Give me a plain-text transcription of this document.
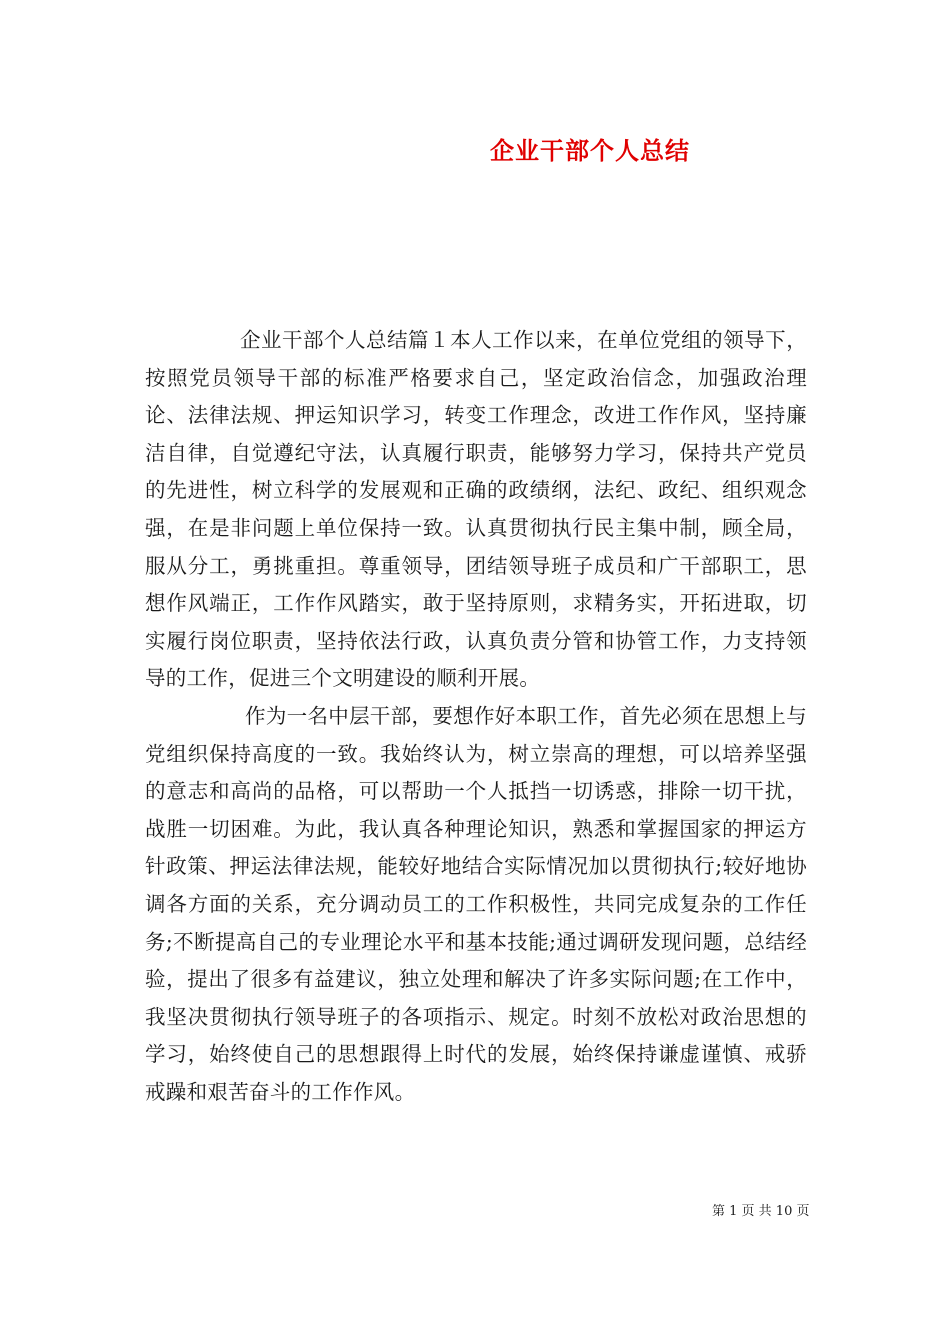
企业干部个人总结

企业干部个人总结篇１本人工作以来，在单位党组的领导下，按照党员领导干部的标准严格要求自己，坚定政治信念，加强政治理论、法律法规、押运知识学习，转变工作理念，改进工作作风，坚持廉洁自律，自觉遵纪守法，认真履行职责，能够努力学习，保持共产党员的先进性，树立科学的发展观和正确的政绩纲，法纪、政纪、组织观念强，在是非问题上单位保持一致。认真贯彻执行民主集中制，顾全局，服从分工，勇挑重担。尊重领导，团结领导班子成员和广干部职工，思想作风端正，工作作风踏实，敢于坚持原则，求精务实，开拓进取，切实履行岗位职责，坚持依法行政，认真负责分管和协管工作，力支持领导的工作，促进三个文明建设的顺利开展。

作为一名中层干部，要想作好本职工作，首先必须在思想上与党组织保持高度的一致。我始终认为，树立崇高的理想，可以培养坚强的意志和高尚的品格，可以帮助一个人抵挡一切诱惑，排除一切干扰，战胜一切困难。为此，我认真各种理论知识，熟悉和掌握国家的押运方针政策、押运法律法规，能较好地结合实际情况加以贯彻执行;较好地协调各方面的关系，充分调动员工的工作积极性，共同完成复杂的工作任务;不断提高自己的专业理论水平和基本技能;通过调研发现问题，总结经验，提出了很多有益建议，独立处理和解决了许多实际问题;在工作中，我坚决贯彻执行领导班子的各项指示、规定。时刻不放松对政治思想的学习，始终使自己的思想跟得上时代的发展，始终保持谦虚谨慎、戒骄戒躁和艰苦奋斗的工作作风。

第 1 页 共 10 页
